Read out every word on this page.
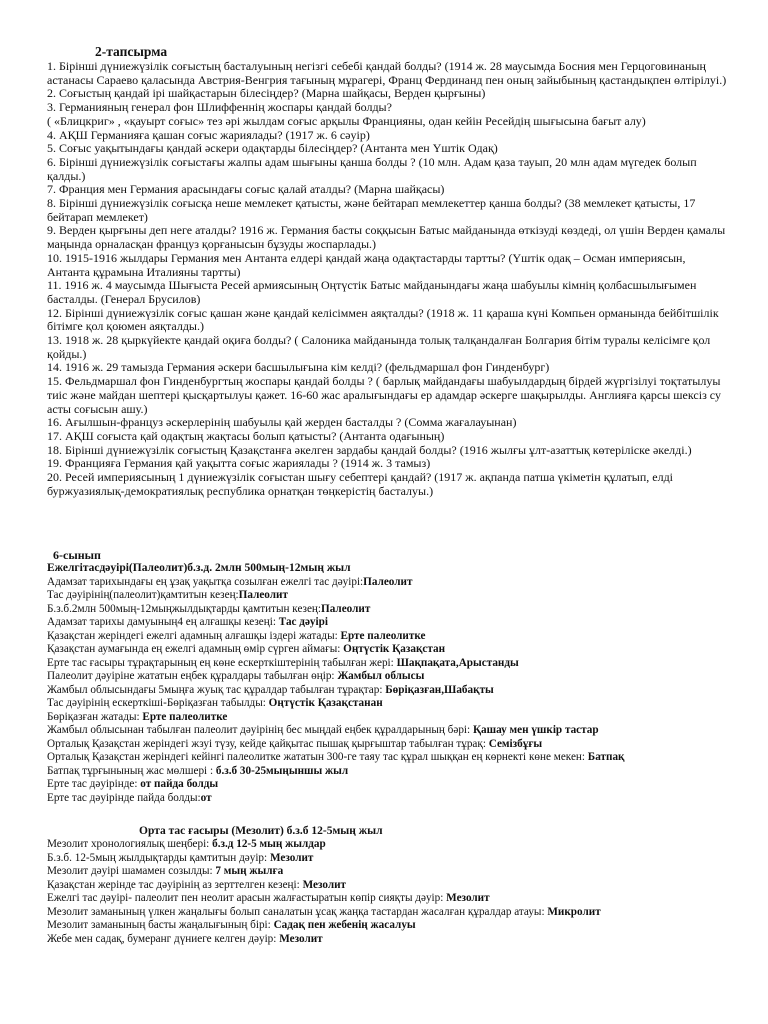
2-тапсырма

1. Бірінші дүниежүзілік соғыстың басталуының негізгі себебі қандай болды? (1914 ж. 28 маусымда Босния мен Герцоговинаның астанасы Сараево қаласында Австрия-Венгрия тағының мұрагері, Франц Фердинанд пен оның зайыбының қастандықпен өлтірілуі.)

2. Соғыстың қандай ірі шайқастарын білесіңдер? (Марна шайқасы, Верден қырғыны)

3. Германияның генерал фон Шлиффеннің жоспары қандай болды?

( «Блицкриг» , «қауырт соғыс» тез әрі жылдам соғыс арқылы Францияны, одан кейін Ресейдің шығысына бағыт алу)

4. АҚШ Германияға қашан соғыс жариялады? (1917 ж. 6 сәуір)

5. Соғыс уақытындағы қандай әскери одақтарды білесіңдер? (Антанта мен Үштік Одақ)

6. Бірінші дүниежүзілік соғыстағы жалпы адам шығыны қанша болды ? (10 млн. Адам қаза тауып, 20 млн адам мүгедек болып қалды.)

7. Франция мен Германия арасындағы соғыс қалай аталды? (Марна шайқасы)

8. Бірінші дүниежүзілік соғысқа неше мемлекет қатысты, және бейтарап мемлекеттер қанша болды? (38 мемлекет қатысты, 17 бейтарап мемлекет)

9. Верден қырғыны деп неге аталды? 1916 ж. Германия басты соққысын Батыс майданында өткізуді көздеді, ол үшін Верден қамалы маңында орналасқан француз қорғанысын бұзуды жоспарлады.)

10. 1915-1916 жылдары Германия мен Антанта елдері қандай жаңа одақтастарды тартты? (Үштік одақ – Осман империясын, Антанта құрамына Италияны тартты)

11. 1916 ж. 4 маусымда Шығыста Ресей армиясының Оңтүстік Батыс майданындағы жаңа шабуылы кімнің қолбасшылығымен басталды. (Генерал Брусилов)

12. Бірінші дүниежүзілік соғыс қашан және қандай келісіммен аяқталды? (1918 ж. 11 қараша күні Компьен орманында бейбітшілік бітімге қол қоюмен аяқталды.)

13. 1918 ж. 28 қыркүйекте қандай оқиға болды? ( Салоника майданында толық талқандалған Болгария бітім туралы келісімге қол қойды.)

14. 1916 ж. 29 тамызда Германия әскери басшылығына кім келді? (фельдмаршал фон Гинденбург)

15. Фельдмаршал фон Гинденбургтың жоспары қандай болды ? ( барлық майдандағы шабуылдардың бірдей жүргізілуі тоқтатылуы тиіс және майдан шептері қысқартылуы қажет. 16-60 жас аралығындағы ер адамдар әскерге шақырылды. Англияға қарсы шексіз су асты соғысын ашу.)

16. Ағылшын-француз әскерлерінің шабуылы қай жерден басталды ? (Сомма жағалауынан)

17. АҚШ соғыста қай одақтың жақтасы болып қатысты? (Антанта одағының)

18. Бірінші дүниежүзілік соғыстың Қазақстанға әкелген зардабы қандай болды? (1916 жылғы ұлт-азаттық көтеріліске әкелді.)

19. Францияға Германия қай уақытта соғыс жариялады ? (1914 ж. 3 тамыз)

20. Ресей империясының 1 дүниежүзілік соғыстан шығу себептері қандай? (1917 ж. ақпанда патша үкіметін құлатып, елді буржуазиялық-демократиялық республика орнатқан төңкерістің басталуы.)

6-сынып
Ежелгітасдәуірі(Палеолит)б.з.д. 2млн 500мың-12мың жыл
Адамзат тарихындағы ең ұзақ уақытқа созылған ежелгі тас дәуірі:Палеолит
Тас дәуірінің(палеолит)қамтитын кезең:Палеолит
Б.з.б.2млн 500мың-12мыңжылдықтарды қамтитын кезең:Палеолит
Адамзат тарихы дамуының4 ең алғашқы кезеңі: Тас дәуірі
Қазақстан жеріндегі ежелгі адамның алғашқы іздері жатады: Ерте палеолитке
Қазақстан аумағында ең ежелгі адамның өмір сүрген аймағы: Оңтүстік Қазақстан
Ерте тас ғасыры тұрақтарының ең көне ескерткіштерінің табылған жері: Шақпақата,Арыстанды
Палеолит дәуіріне жататын еңбек құралдары табылған өңір: Жамбыл облысы
Жамбыл облысындағы 5мыңға жуық тас құралдар табылған тұрақтар: Бөріқазған,Шабақты
Тас дәуірінің ескерткіші-Бөріқазған табылды: Оңтүстік Қазақстанан
Бөріқазған жатады: Ерте палеолитке
Жамбыл облысынан табылған палеолит дәуірінің бес мыңдай еңбек құралдарының бәрі: Қашау мен үшкір тастар
Орталық Қазақстан жеріндегі жзуі түзу, кейде қайқытас пышақ қырғыштар табылған тұрақ: Семізбұғы
Орталық Қазақстан жеріндегі кейінгі палеолитке жататын 300-ге таяу тас құрал шыққан ең көрнекті көне мекен: Батпақ
Батпақ тұрғынының жас мөлшері : б.з.б 30-25мыңыншы жыл
Ерте тас дәуірінде: от пайда болды
Ерте тас дәуірінде пайда болды:от
Орта тас ғасыры (Мезолит) б.з.б 12-5мың жыл
Мезолит хронологиялық шеңбері: б.з.д 12-5 мың жылдар
Б.з.б. 12-5мың жылдықтарды қамтитын дәуір: Мезолит
Мезолит дәуірі шамамен созылды: 7 мың жылға
Қазақстан жерінде тас дәуірінің аз зерттелген кезеңі: Мезолит
Ежелгі тас дәуірі- палеолит пен неолит арасын жалғастыратын көпір сияқты дәуір: Мезолит
Мезолит заманының үлкен жаңалығы болып саналатын ұсақ жаңқа тастардан жасалған құралдар атауы: Микролит
Мезолит заманының басты жаңалығының бірі: Садақ пен жебенің жасалуы
Жебе мен садақ, бумеранг дүниеге келген дәуір: Мезолит
